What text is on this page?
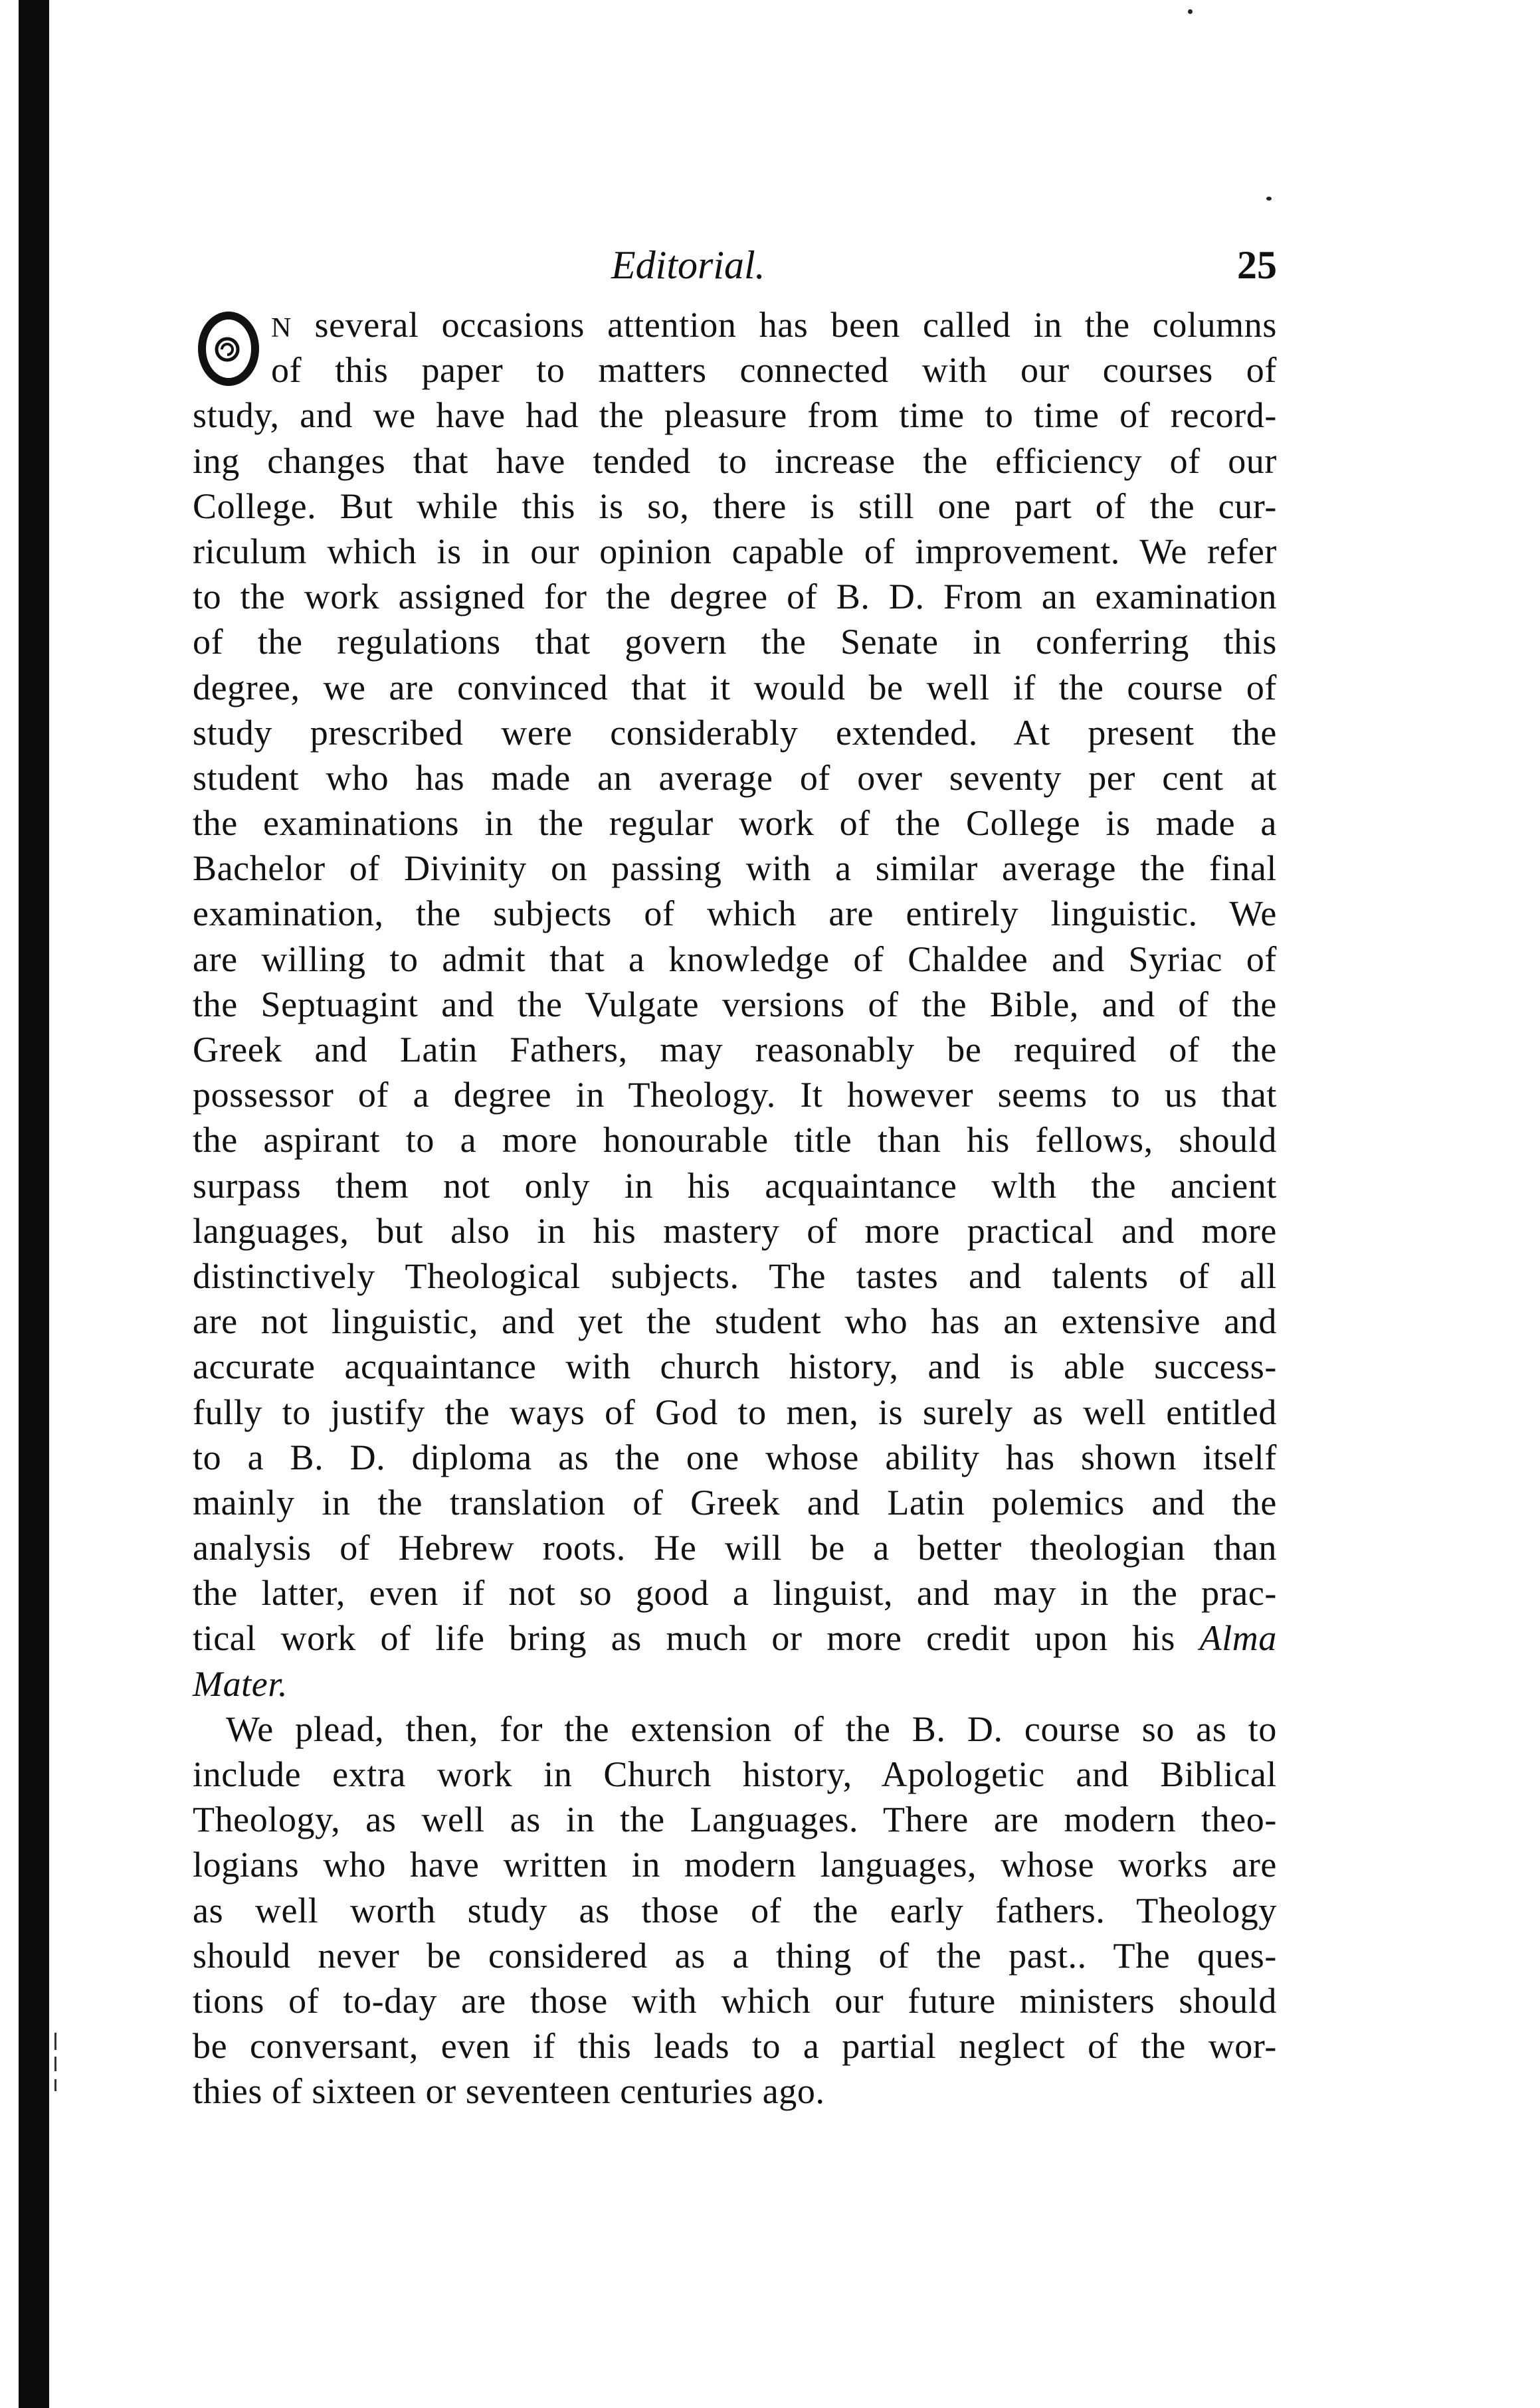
Editorial.	25
N several occasions attention has been called in the columns
of this paper to matters connected with our courses of
study, and we have had the pleasure from time to time of record-
ing changes that have tended to increase the efficiency of our
College. But while this is so, there is still one part of the cur-
riculum which is in our opinion capable of improvement. We refer
to the work assigned for the degree of B. D. From an examination
of the regulations that govern the Senate in conferring this
degree, we are convinced that it would be well if the course of
study prescribed were considerably extended. At present the
student who has made an average of over seventy per cent at
the examinations in the regular work of the College is made a
Bachelor of Divinity on passing with a similar average the final
examination, the subjects of which are entirely linguistic. We
are willing to admit that a knowledge of Chaldee and Syriac of
the Septuagint and the Vulgate versions of the Bible, and of the
Greek and Latin Fathers, may reasonably be required of the
possessor of a degree in Theology. It however seems to us that
the aspirant to a more honourable title than his fellows, should
surpass them not only in his acquaintance wlth the ancient
languages, but also in his mastery of more practical and more
distinctively Theological subjects. The tastes and talents of all
are not linguistic, and yet the student who has an extensive and
accurate acquaintance with church history, and is able success-
fully to justify the ways of God to men, is surely as well entitled
to a B. D. diploma as the one whose ability has shown itself
mainly in the translation of Greek and Latin polemics and the
analysis of Hebrew roots. He will be a better theologian than
the latter, even if not so good a linguist, and may in the prac-
tical work of life bring as much or more credit upon his Alma
Mater.
We plead, then, for the extension of the B. D. course so as to
include extra work in Church history, Apologetic and Biblical
Theology, as well as in the Languages. There are modern theo-
logians who have written in modern languages, whose works are
as well worth study as those of the early fathers. Theology
should never be considered as a thing of the past.. The ques-
tions of to-day are those with which our future ministers should
be conversant, even if this leads to a partial neglect of the wor-
thies of sixteen or seventeen centuries ago.
